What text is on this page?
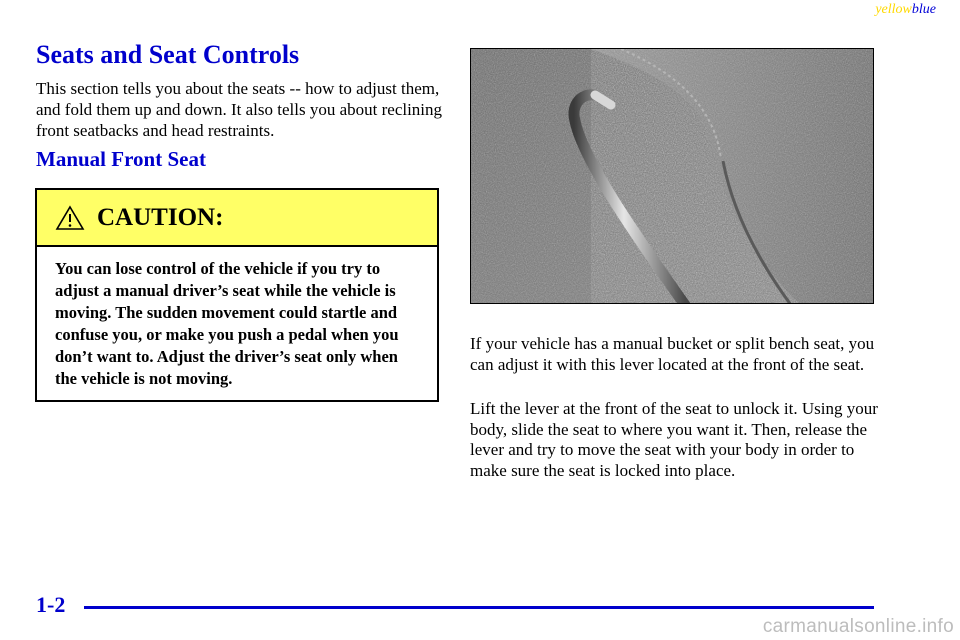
yellowblue
Seats and Seat Controls

This section tells you about the seats -- how to adjust them, and fold them up and down. It also tells you about reclining front seatbacks and head restraints.

Manual Front Seat
CAUTION:
You can lose control of the vehicle if you try to adjust a manual driver’s seat while the vehicle is moving. The sudden movement could startle and confuse you, or make you push a pedal when you don’t want to. Adjust the driver’s seat only when the vehicle is not moving.

If your vehicle has a manual bucket or split bench seat, you can adjust it with this lever located at the front of the seat.

Lift the lever at the front of the seat to unlock it. Using your body, slide the seat to where you want it. Then, release the lever and try to move the seat with your body in order to make sure the seat is locked into place.

1-2
carmanualsonline.info
